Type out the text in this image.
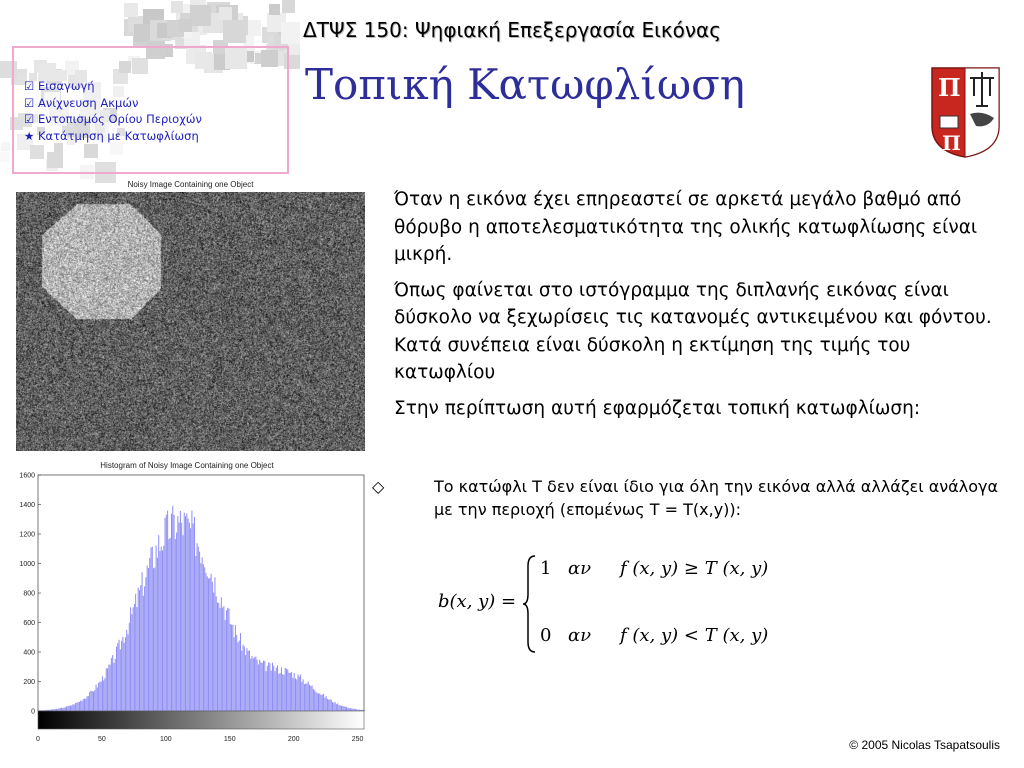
ΔΤΨΣ 150: Ψηφιακή Επεξεργασία Εικόνας
Τοπική Κατωφλίωση
☑ Εισαγωγή
☑ Ανίχνευση Ακμών
☑ Εντοπισμός Ορίου Περιοχών
★ Κατάτμηση με Κατωφλίωση
Π
Π
Noisy Image Containing one Object
Histogram of Noisy Image Containing one Object
0
200
400
600
800
1000
1200
1400
1600
0	50	100	150	200	250

Όταν η εικόνα έχει επηρεαστεί σε αρκετά μεγάλο βαθμό από θόρυβο η αποτελεσματικότητα της ολικής κατωφλίωσης είναι μικρή.

Όπως φαίνεται στο ιστόγραμμα της διπλανής εικόνας είναι δύσκολο να ξεχωρίσεις τις κατανομές αντικειμένου και φόντου. Κατά συνέπεια είναι δύσκολη η εκτίμηση της τιμής του κατωφλίου

Στην περίπτωση αυτή εφαρμόζεται τοπική κατωφλίωση:

◇	Το κατώφλι T δεν είναι ίδιο για όλη την εικόνα αλλά αλλάζει ανάλογα με την περιοχή (επομένως T = T(x,y)):
b(x, y) =
1 αν f (x, y) ≥ T (x, y)
0 αν f (x, y) < T (x, y)
© 2005 Nicolas Tsapatsoulis
